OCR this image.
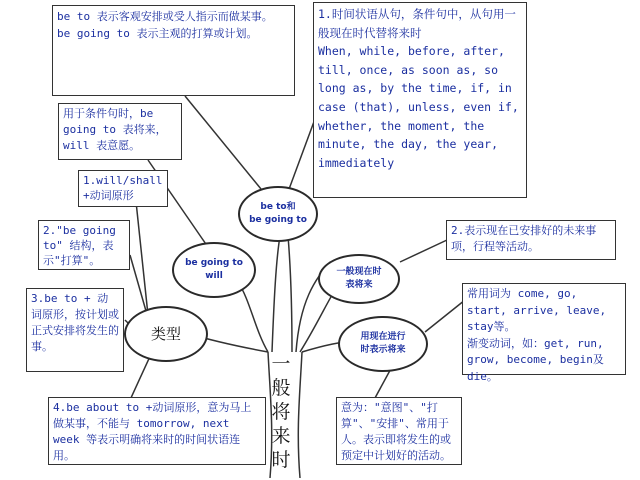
be to 表示客观安排或受人指示而做某事。
be going to 表示主观的打算或计划。

用于条件句时，be going to 表将来，will 表意愿。

1.will/shall +动词原形

2."be going to" 结构，表示"打算"。

3.be to + 动词原形，按计划或正式安排将发生的事。

4.be about to +动词原形，意为马上做某事，不能与 tomorrow, next week 等表示明确将来时的时间状语连用。

1.时间状语从句，条件句中，从句用一般现在时代替将来时
When, while, before, after, till, once, as soon as, so long as, by the time, if, in case (that), unless, even if, whether, the moment, the minute, the day, the year, immediately

2.表示现在已安排好的未来事项，行程等活动。

常用词为 come, go, start, arrive, leave, stay等。
渐变动词，如：get, run, grow, become, begin及die。

意为："意图"、"打算"、"安排"、常用于人。表示即将发生的或预定中计划好的活动。

be to和
be going to
be going to
will
类型
一般现在时
表将来
用现在进行
时表示将来
一般将来时
